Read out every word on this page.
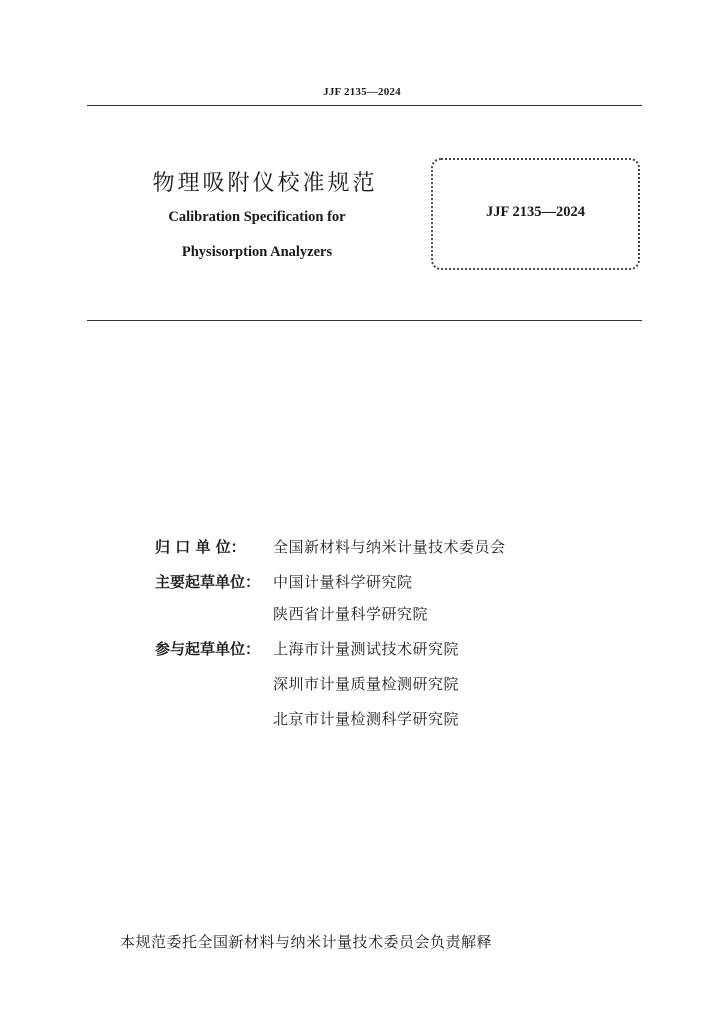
JJF 2135—2024
物理吸附仪校准规范
Calibration Specification for
Physisorption Analyzers
JJF 2135—2024
归 口 单 位：	全国新材料与纳米计量技术委员会
主要起草单位： 中国计量科学研究院
陕西省计量科学研究院
参与起草单位： 上海市计量测试技术研究院
深圳市计量质量检测研究院
北京市计量检测科学研究院
本规范委托全国新材料与纳米计量技术委员会负责解释
